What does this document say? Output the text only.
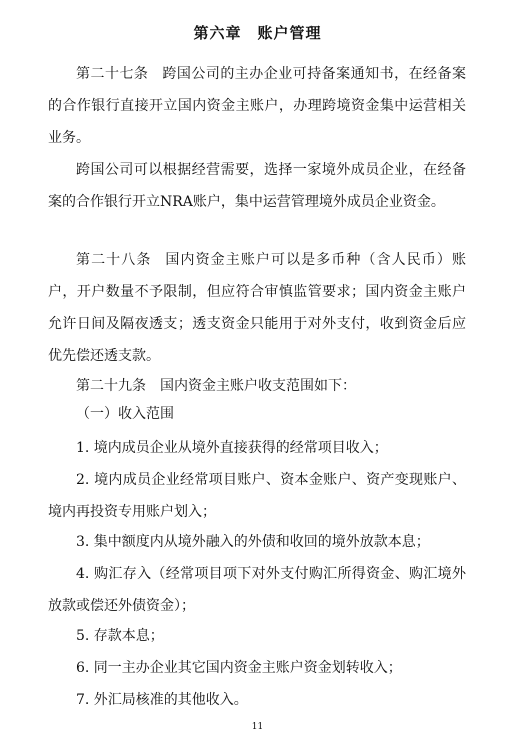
第六章　账户管理

第二十七条 跨国公司的主办企业可持备案通知书，在经备案的合作银行直接开立国内资金主账户，办理跨境资金集中运营相关业务。

跨国公司可以根据经营需要，选择一家境外成员企业，在经备案的合作银行开立NRA账户，集中运营管理境外成员企业资金。

第二十八条 国内资金主账户可以是多币种（含人民币）账户，开户数量不予限制，但应符合审慎监管要求；国内资金主账户允许日间及隔夜透支；透支资金只能用于对外支付，收到资金后应优先偿还透支款。

第二十九条 国内资金主账户收支范围如下：

（一）收入范围

1. 境内成员企业从境外直接获得的经常项目收入；

2. 境内成员企业经常项目账户、资本金账户、资产变现账户、境内再投资专用账户划入；

3. 集中额度内从境外融入的外债和收回的境外放款本息；

4. 购汇存入（经常项目项下对外支付购汇所得资金、购汇境外放款或偿还外债资金）；

5. 存款本息；

6. 同一主办企业其它国内资金主账户资金划转收入；

7. 外汇局核准的其他收入。

11
